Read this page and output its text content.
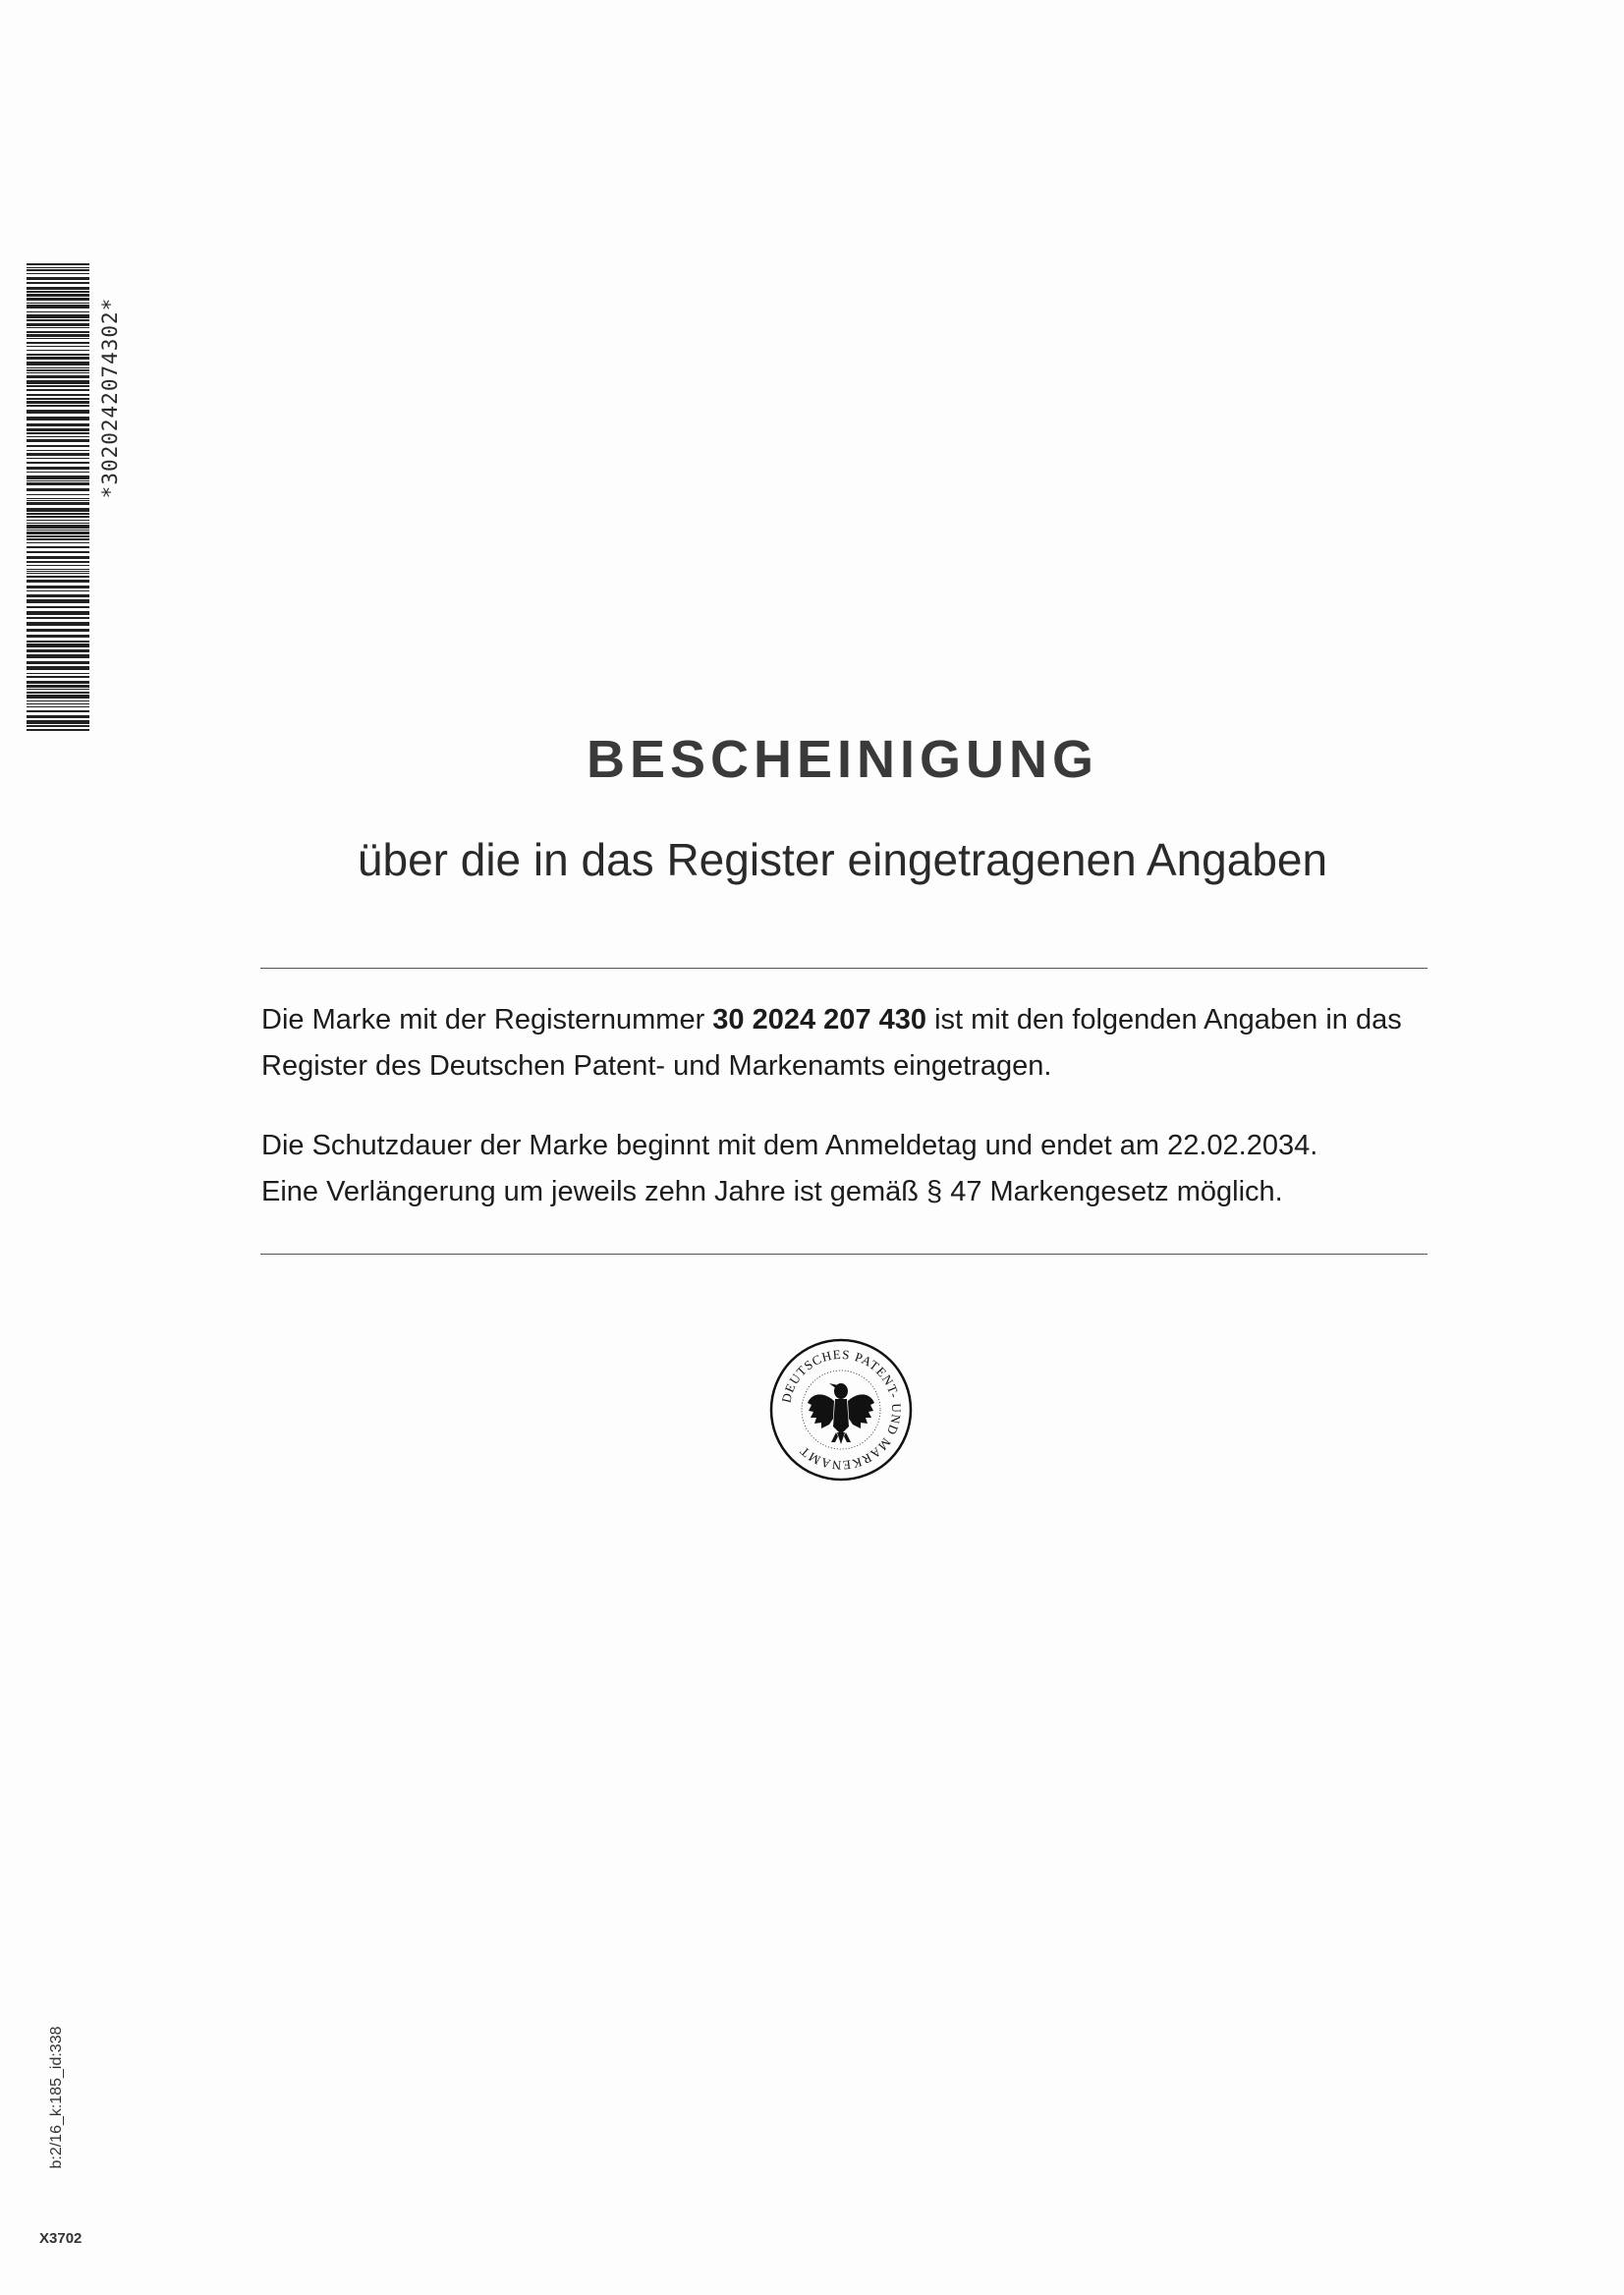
*3020242074302*
BESCHEINIGUNG
über die in das Register eingetragenen Angaben
Die Marke mit der Registernummer 30 2024 207 430 ist mit den folgenden Angaben in das Register des Deutschen Patent- und Markenamts eingetragen.
Die Schutzdauer der Marke beginnt mit dem Anmeldetag und endet am 22.02.2034.
Eine Verlängerung um jeweils zehn Jahre ist gemäß § 47 Markengesetz möglich.
DEUTSCHES PATENT- UND MARKENAMT
b:2/16_k:185_id:338
X3702
